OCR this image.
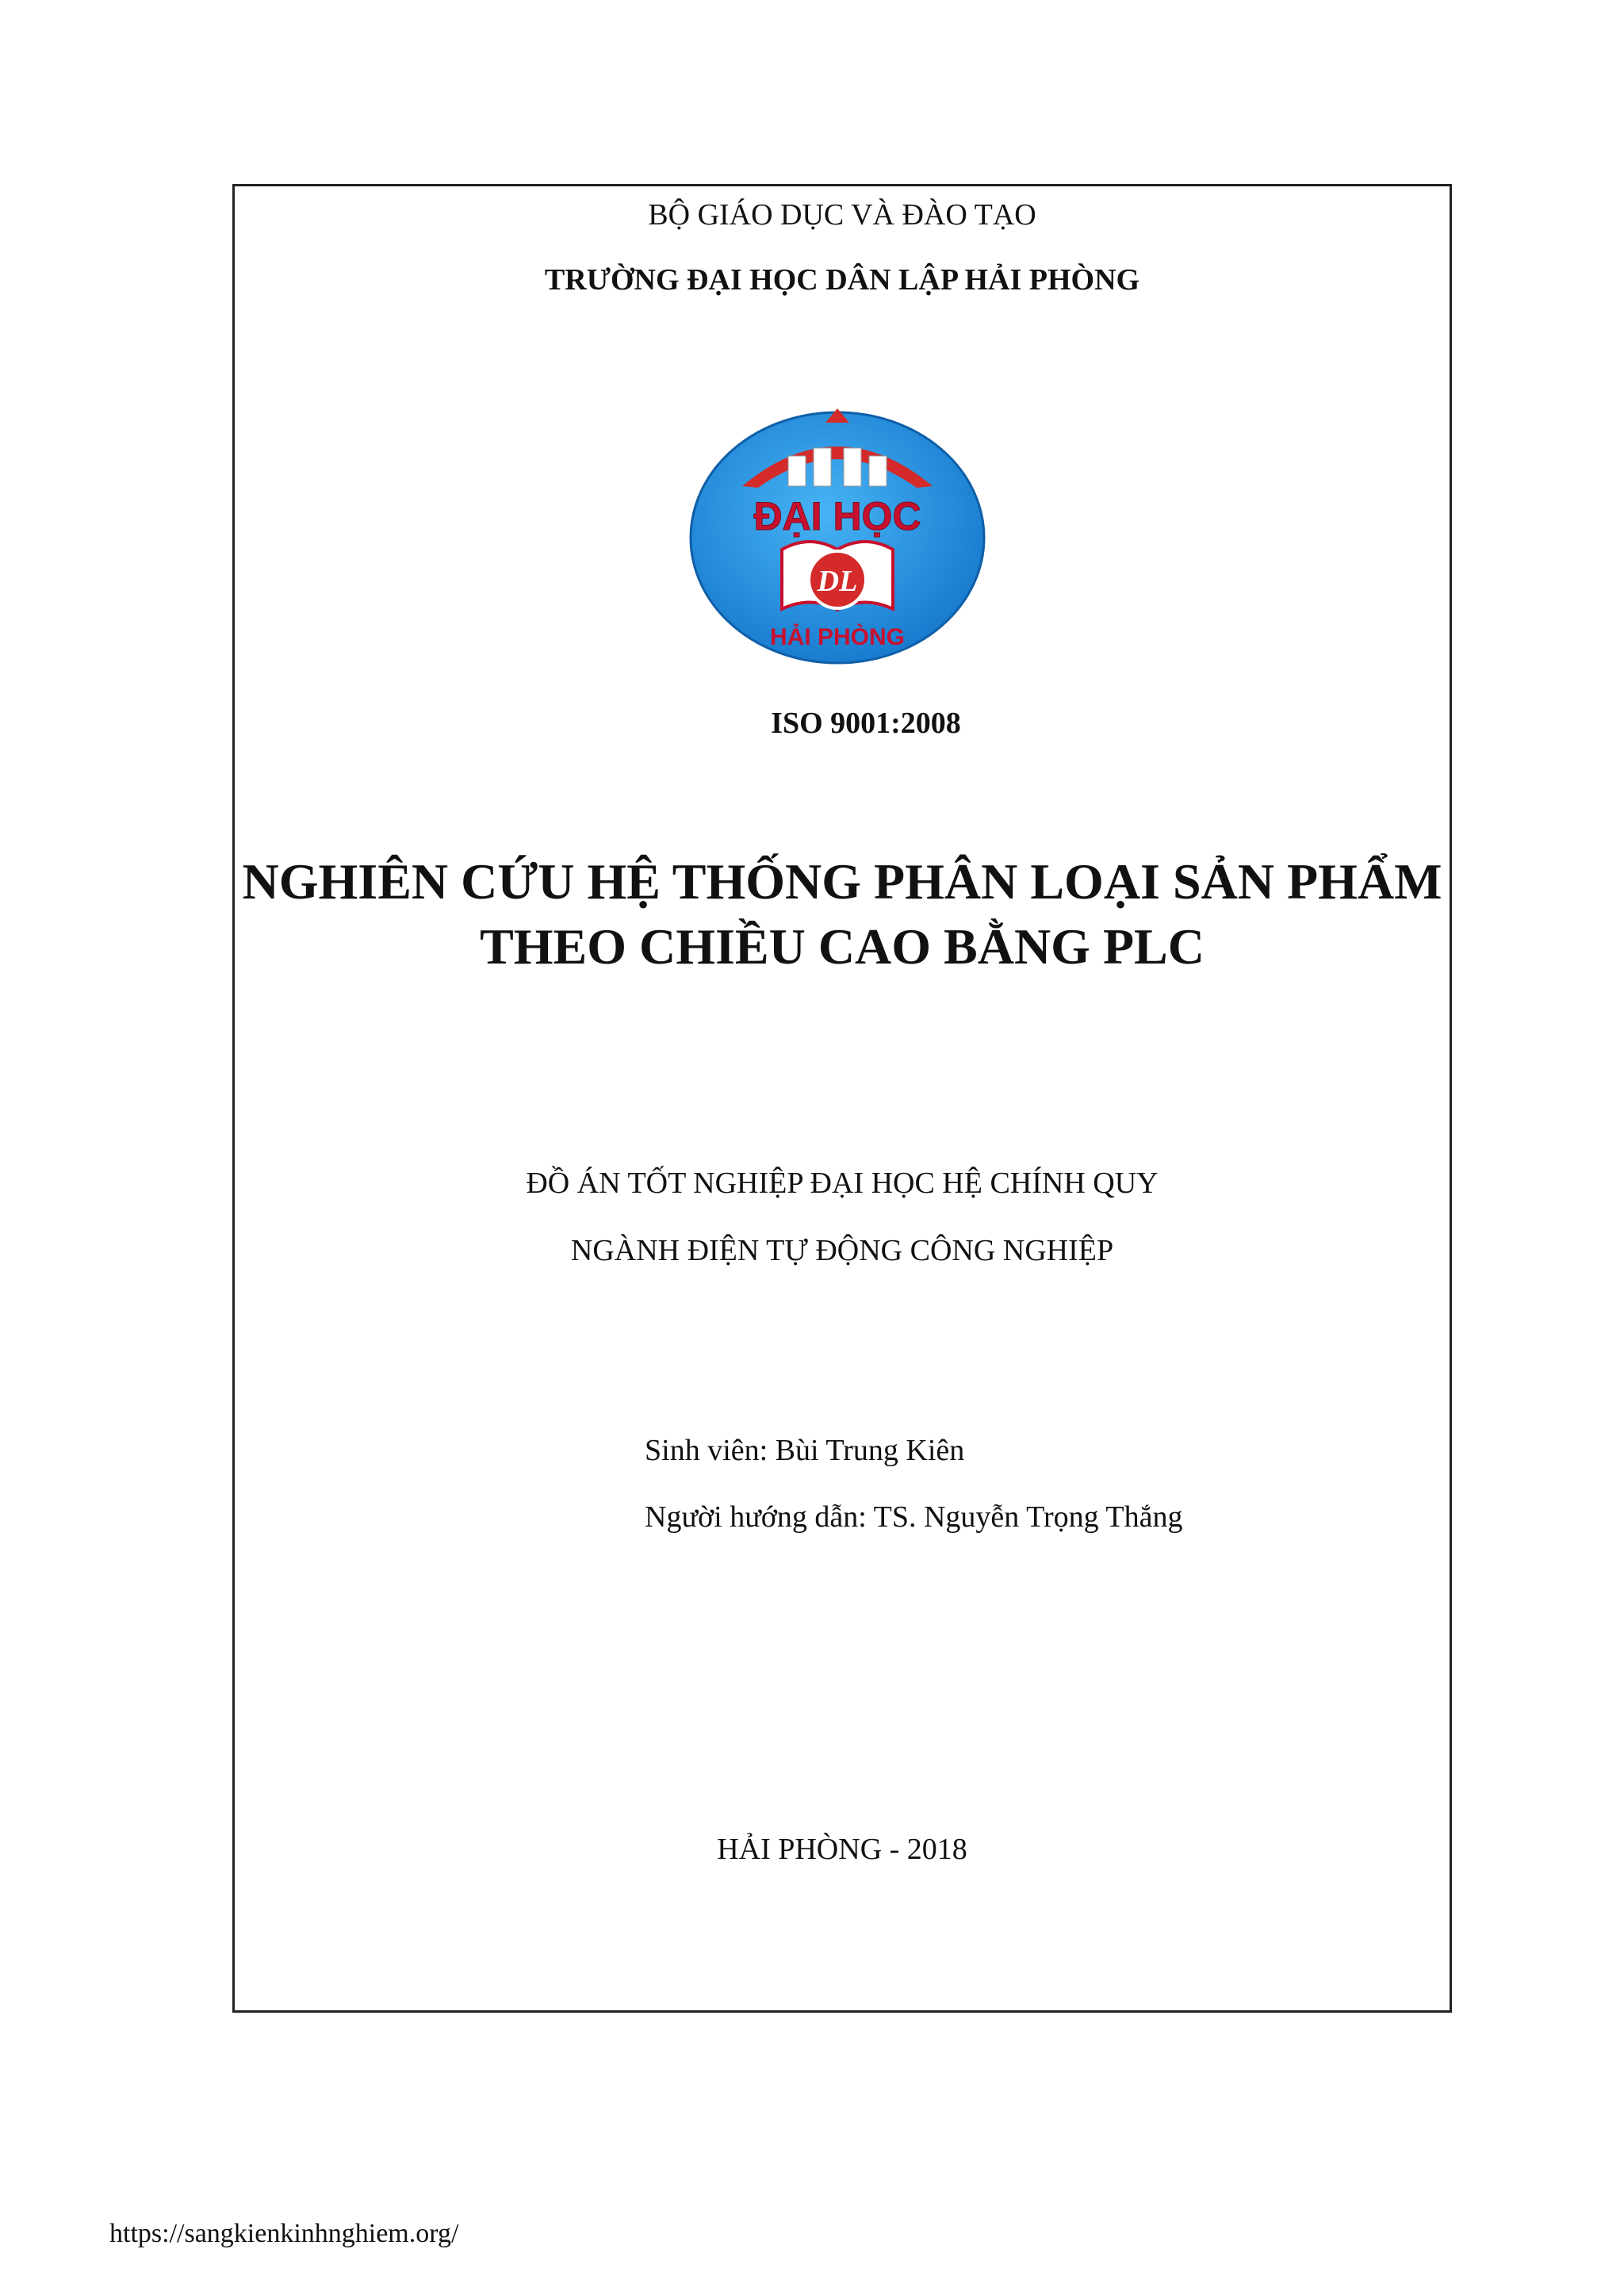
BỘ GIÁO DỤC VÀ ĐÀO TẠO
TRƯỜNG ĐẠI HỌC DÂN LẬP HẢI PHÒNG
ĐẠI HỌC
DL
HẢI PHÒNG
ISO 9001:2008
NGHIÊN CỨU HỆ THỐNG PHÂN LOẠI SẢN PHẨM
THEO CHIỀU CAO BẰNG PLC
ĐỒ ÁN TỐT NGHIỆP ĐẠI HỌC HỆ CHÍNH QUY
NGÀNH ĐIỆN TỰ ĐỘNG CÔNG NGHIỆP
Sinh viên: Bùi Trung Kiên
Người hướng dẫn: TS. Nguyễn Trọng Thắng
HẢI PHÒNG - 2018
https://sangkienkinhnghiem.org/
